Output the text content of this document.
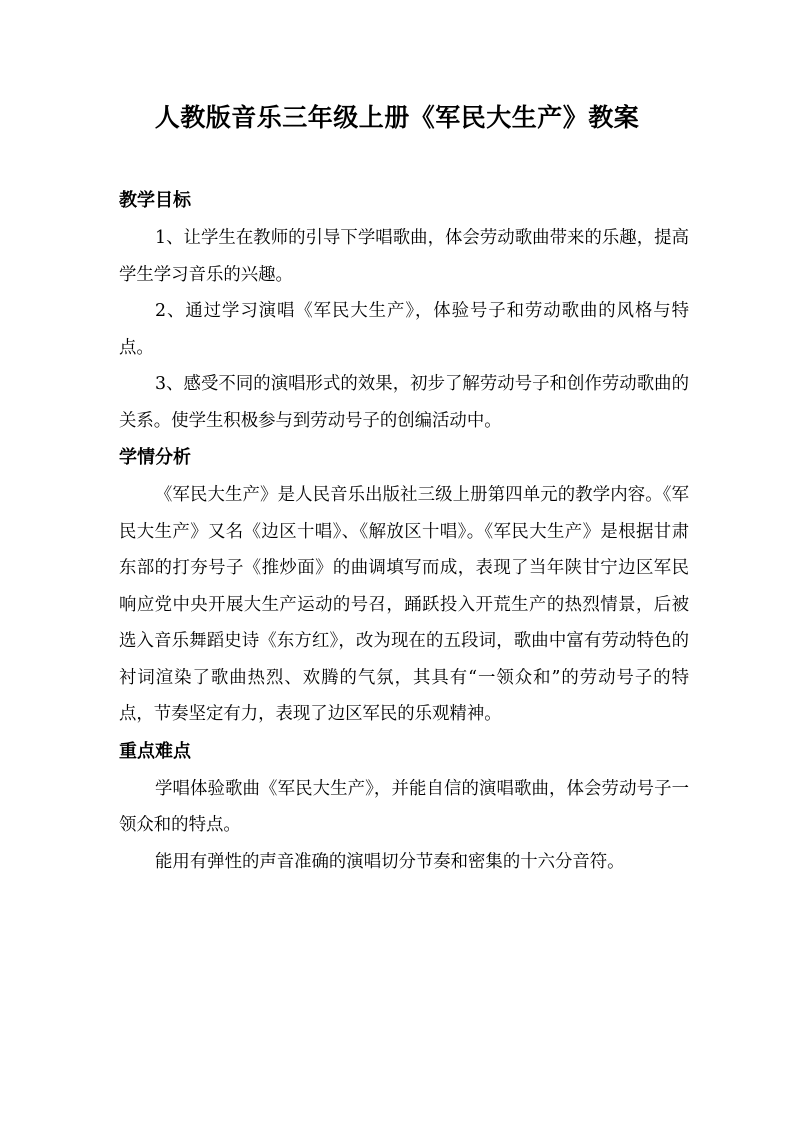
人教版音乐三年级上册《军民大生产》教案
教学目标

1、让学生在教师的引导下学唱歌曲，体会劳动歌曲带来的乐趣，提高学生学习音乐的兴趣。

2、通过学习演唱《军民大生产》，体验号子和劳动歌曲的风格与特点。

3、感受不同的演唱形式的效果，初步了解劳动号子和创作劳动歌曲的关系。使学生积极参与到劳动号子的创编活动中。

学情分析

《军民大生产》是人民音乐出版社三级上册第四单元的教学内容。《军民大生产》又名《边区十唱》、《解放区十唱》。《军民大生产》是根据甘肃东部的打夯号子《推炒面》的曲调填写而成，表现了当年陕甘宁边区军民响应党中央开展大生产运动的号召，踊跃投入开荒生产的热烈情景，后被选入音乐舞蹈史诗《东方红》，改为现在的五段词，歌曲中富有劳动特色的衬词渲染了歌曲热烈、欢腾的气氛，其具有“一领众和”的劳动号子的特点，节奏坚定有力，表现了边区军民的乐观精神。

重点难点

学唱体验歌曲《军民大生产》，并能自信的演唱歌曲，体会劳动号子一领众和的特点。

能用有弹性的声音准确的演唱切分节奏和密集的十六分音符。
